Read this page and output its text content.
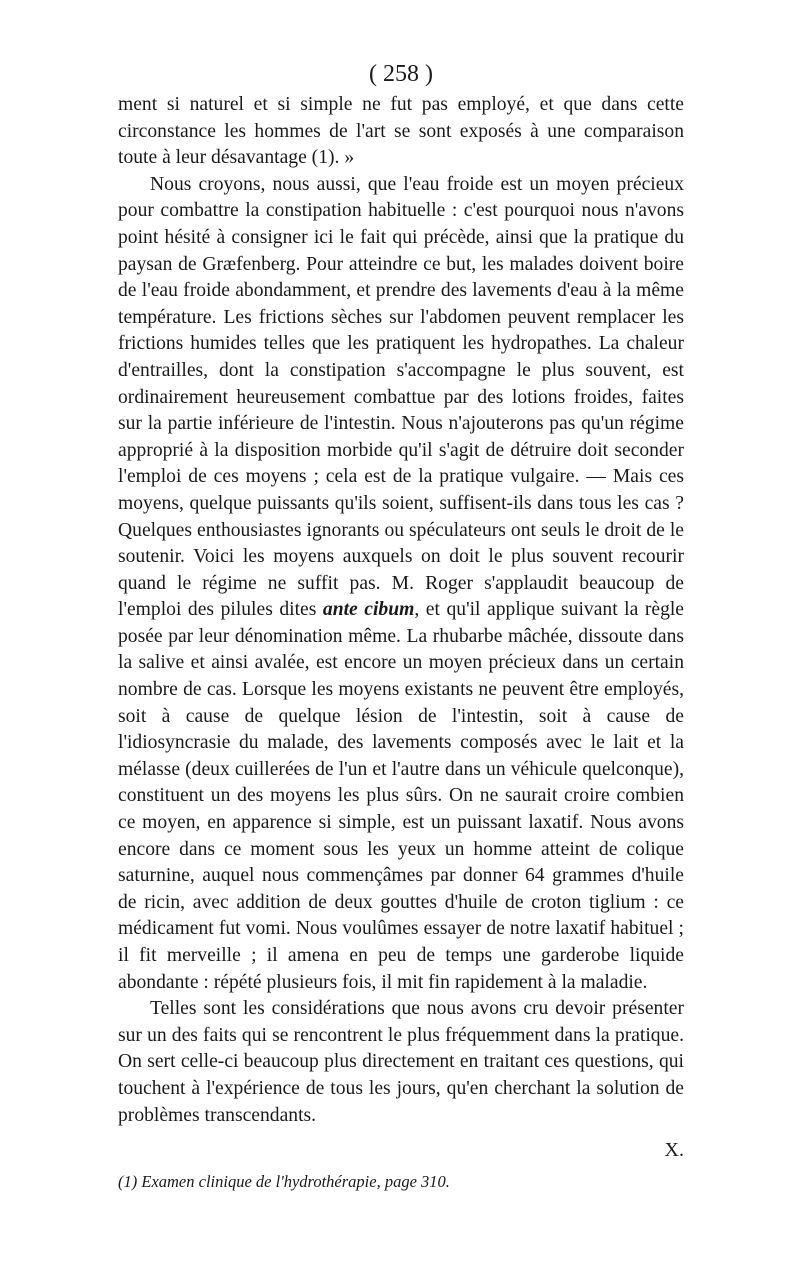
( 258 )

ment si naturel et si simple ne fut pas employé, et que dans cette circonstance les hommes de l'art se sont exposés à une comparaison toute à leur désavantage (1). »

Nous croyons, nous aussi, que l'eau froide est un moyen précieux pour combattre la constipation habituelle : c'est pourquoi nous n'avons point hésité à consigner ici le fait qui précède, ainsi que la pratique du paysan de Græfenberg. Pour atteindre ce but, les malades doivent boire de l'eau froide abondamment, et prendre des lavements d'eau à la même température. Les frictions sèches sur l'abdomen peuvent remplacer les frictions humides telles que les pratiquent les hydropathes. La chaleur d'entrailles, dont la constipation s'accompagne le plus souvent, est ordinairement heureusement combattue par des lotions froides, faites sur la partie inférieure de l'intestin. Nous n'ajouterons pas qu'un régime approprié à la disposition morbide qu'il s'agit de détruire doit seconder l'emploi de ces moyens ; cela est de la pratique vulgaire. — Mais ces moyens, quelque puissants qu'ils soient, suffisent-ils dans tous les cas ? Quelques enthousiastes ignorants ou spéculateurs ont seuls le droit de le soutenir. Voici les moyens auxquels on doit le plus souvent recourir quand le régime ne suffit pas. M. Roger s'applaudit beaucoup de l'emploi des pilules dites ante cibum, et qu'il applique suivant la règle posée par leur dénomination même. La rhubarbe mâchée, dissoute dans la salive et ainsi avalée, est encore un moyen précieux dans un certain nombre de cas. Lorsque les moyens existants ne peuvent être employés, soit à cause de quelque lésion de l'intestin, soit à cause de l'idiosyncrasie du malade, des lavements composés avec le lait et la mélasse (deux cuillerées de l'un et l'autre dans un véhicule quelconque), constituent un des moyens les plus sûrs. On ne saurait croire combien ce moyen, en apparence si simple, est un puissant laxatif. Nous avons encore dans ce moment sous les yeux un homme atteint de colique saturnine, auquel nous commençâmes par donner 64 grammes d'huile de ricin, avec addition de deux gouttes d'huile de croton tiglium : ce médicament fut vomi. Nous voulûmes essayer de notre laxatif habituel ; il fit merveille ; il amena en peu de temps une garderobe liquide abondante : répété plusieurs fois, il mit fin rapidement à la maladie.

Telles sont les considérations que nous avons cru devoir présenter sur un des faits qui se rencontrent le plus fréquemment dans la pratique. On sert celle-ci beaucoup plus directement en traitant ces questions, qui touchent à l'expérience de tous les jours, qu'en cherchant la solution de problèmes transcendants.

X.

(1) Examen clinique de l'hydrothérapie, page 310.
